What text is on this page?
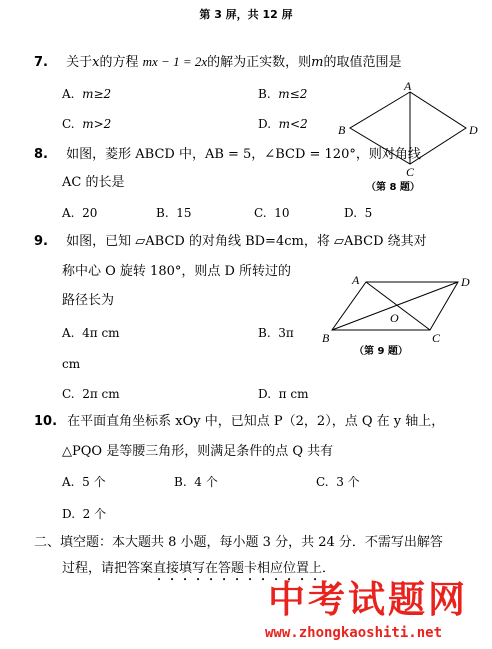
第 3 屏，共 12 屏
7. 关于x的方程 mx − 1 = 2x的解为正实数，则m的取值范围是
A. m≥2	B. m≤2
C. m>2	D. m<2
A
B
C
D
（第 8 题）
8. 如图，菱形 ABCD 中，AB = 5，∠BCD = 120°，则对角线
AC 的长是
A. 20	B. 15	C. 10	D. 5
9. 如图，已知 ▱ABCD 的对角线 BD=4cm，将 ▱ABCD 绕其对
称中心 O 旋转 180°，则点 D 所转过的
路径长为
A
B	C
D
O
（第 9 题）
A. 4π cm	B. 3π
cm
C. 2π cm	D. π cm
10. 在平面直角坐标系 xOy 中，已知点 P（2，2），点 Q 在 y 轴上，
△PQO 是等腰三角形，则满足条件的点 Q 共有
A. 5 个	B. 4 个	C. 3 个
D. 2 个
二、填空题：本大题共 8 小题，每小题 3 分，共 24 分．不需写出解答
过程，请把答案直接填写在答题卡相应位置上．
中考试题网
www.zhongkaoshiti.net
